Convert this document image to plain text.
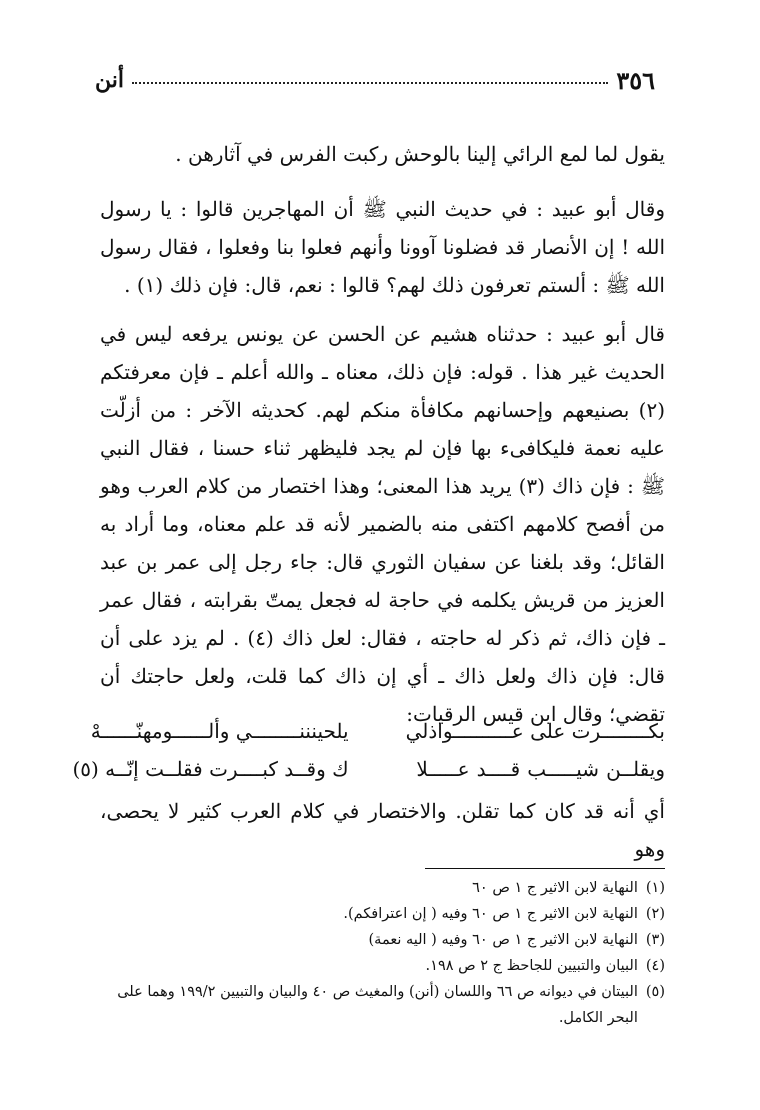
٣٥٦
أنن
يقول لما لمع الرائي إلينا بالوحش ركبت الفرس في آثارهن .
وقال أبو عبيد : في حديث النبي ﷺ أن المهاجرين قالوا : يا رسول الله ! إن الأنصار قد فضلونا آوونا وأنهم فعلوا بنا وفعلوا ، فقال رسول الله ﷺ : ألستم تعرفون ذلك لهم؟ قالوا : نعم، قال: فإن ذلك (١) .
قال أبو عبيد : حدثناه هشيم عن الحسن عن يونس يرفعه ليس في الحديث غير هذا . قوله: فإن ذلك، معناه ـ والله أعلم ـ فإن معرفتكم (٢) بصنيعهم وإحسانهم مكافأة منكم لهم. كحديثه الآخر : من أزلّت عليه نعمة فليكافىء بها فإن لم يجد فليظهر ثناء حسنا ، فقال النبي ﷺ : فإن ذاك (٣) يريد هذا المعنى؛ وهذا اختصار من كلام العرب وهو من أفصح كلامهم اكتفى منه بالضمير لأنه قد علم معناه، وما أراد به القائل؛ وقد بلغنا عن سفيان الثوري قال: جاء رجل إلى عمر بن عبد العزيز من قريش يكلمه في حاجة له فجعل يمتّ بقرابته ، فقال عمر ـ فإن ذاك، ثم ذكر له حاجته ، فقال: لعل ذاك (٤) . لم يزد على أن قال: فإن ذاك ولعل ذاك ـ أي إن ذاك كما قلت، ولعل حاجتك أن تقضي؛ وقال ابن قيس الرقيات:
بكــــــــرت على عــــــــــواذلي
يلحينننــــــــي وألــــــومهنّــــــهْ
ويقلــن شيـــــب قــــد عـــــلا
ك وقــد كبــــرت فقلــت إنّــه (٥)
أي أنه قد كان كما تقلن. والاختصار في كلام العرب كثير لا يحصى، وهو
(١)
النهاية لابن الاثير ج ١ ص ٦٠
(٢)
النهاية لابن الاثير ج ١ ص ٦٠ وفيه ( إن اعترافكم).
(٣)
النهاية لابن الاثير ج ١ ص ٦٠ وفيه ( اليه نعمة)
(٤)
البيان والتبيين للجاحظ ج ٢ ص ١٩٨.
(٥)
البيتان في ديوانه ص ٦٦ واللسان (أنن) والمغيث ص ٤٠ والبيان والتبيين ١٩٩/٢ وهما على البحر الكامل.
